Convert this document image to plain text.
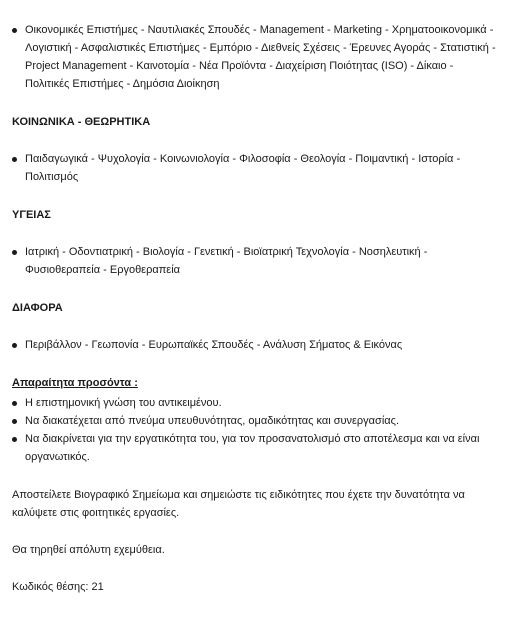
Οικονομικές Επιστήμες - Ναυτιλιακές Σπουδές - Management - Marketing - Χρηματοοικονομικά - Λογιστική - Ασφαλιστικές Επιστήμες - Εμπόριο - Διεθνείς Σχέσεις - Έρευνες Αγοράς - Στατιστική - Project Management - Καινοτομία - Νέα Προϊόντα - Διαχείριση Ποιότητας (ISO) - Δίκαιο - Πολιτικές Επιστήμες - Δημόσια Διοίκηση

ΚΟΙΝΩΝΙΚΑ - ΘΕΩΡΗΤΙΚΑ

Παιδαγωγικά - Ψυχολογία - Κοινωνιολογία - Φιλοσοφία - Θεολογία - Ποιμαντική - Ιστορία - Πολιτισμός

ΥΓΕΙΑΣ

Ιατρική - Οδοντιατρική - Βιολογία - Γενετική - Βιοϊατρική Τεχνολογία - Νοσηλευτική - Φυσιοθεραπεία - Εργοθεραπεία

ΔΙΑΦΟΡΑ

Περιβάλλον - Γεωπονία - Ευρωπαϊκές Σπουδές - Ανάλυση Σήματος & Εικόνας

Απαραίτητα προσόντα :

Η επιστημονική γνώση του αντικειμένου.
Να διακατέχεται από πνεύμα υπευθυνότητας, ομαδικότητας και συνεργασίας.
Να διακρίνεται για την εργατικότητα του, για τον προσανατολισμό στο αποτέλεσμα και να είναι οργανωτικός.

Αποστείλετε Βιογραφικό Σημείωμα και σημειώστε τις ειδικότητες που έχετε την δυνατότητα να καλύψετε στις φοιτητικές εργασίες.

Θα τηρηθεί απόλυτη εχεμύθεια.

Κωδικός θέσης: 21
